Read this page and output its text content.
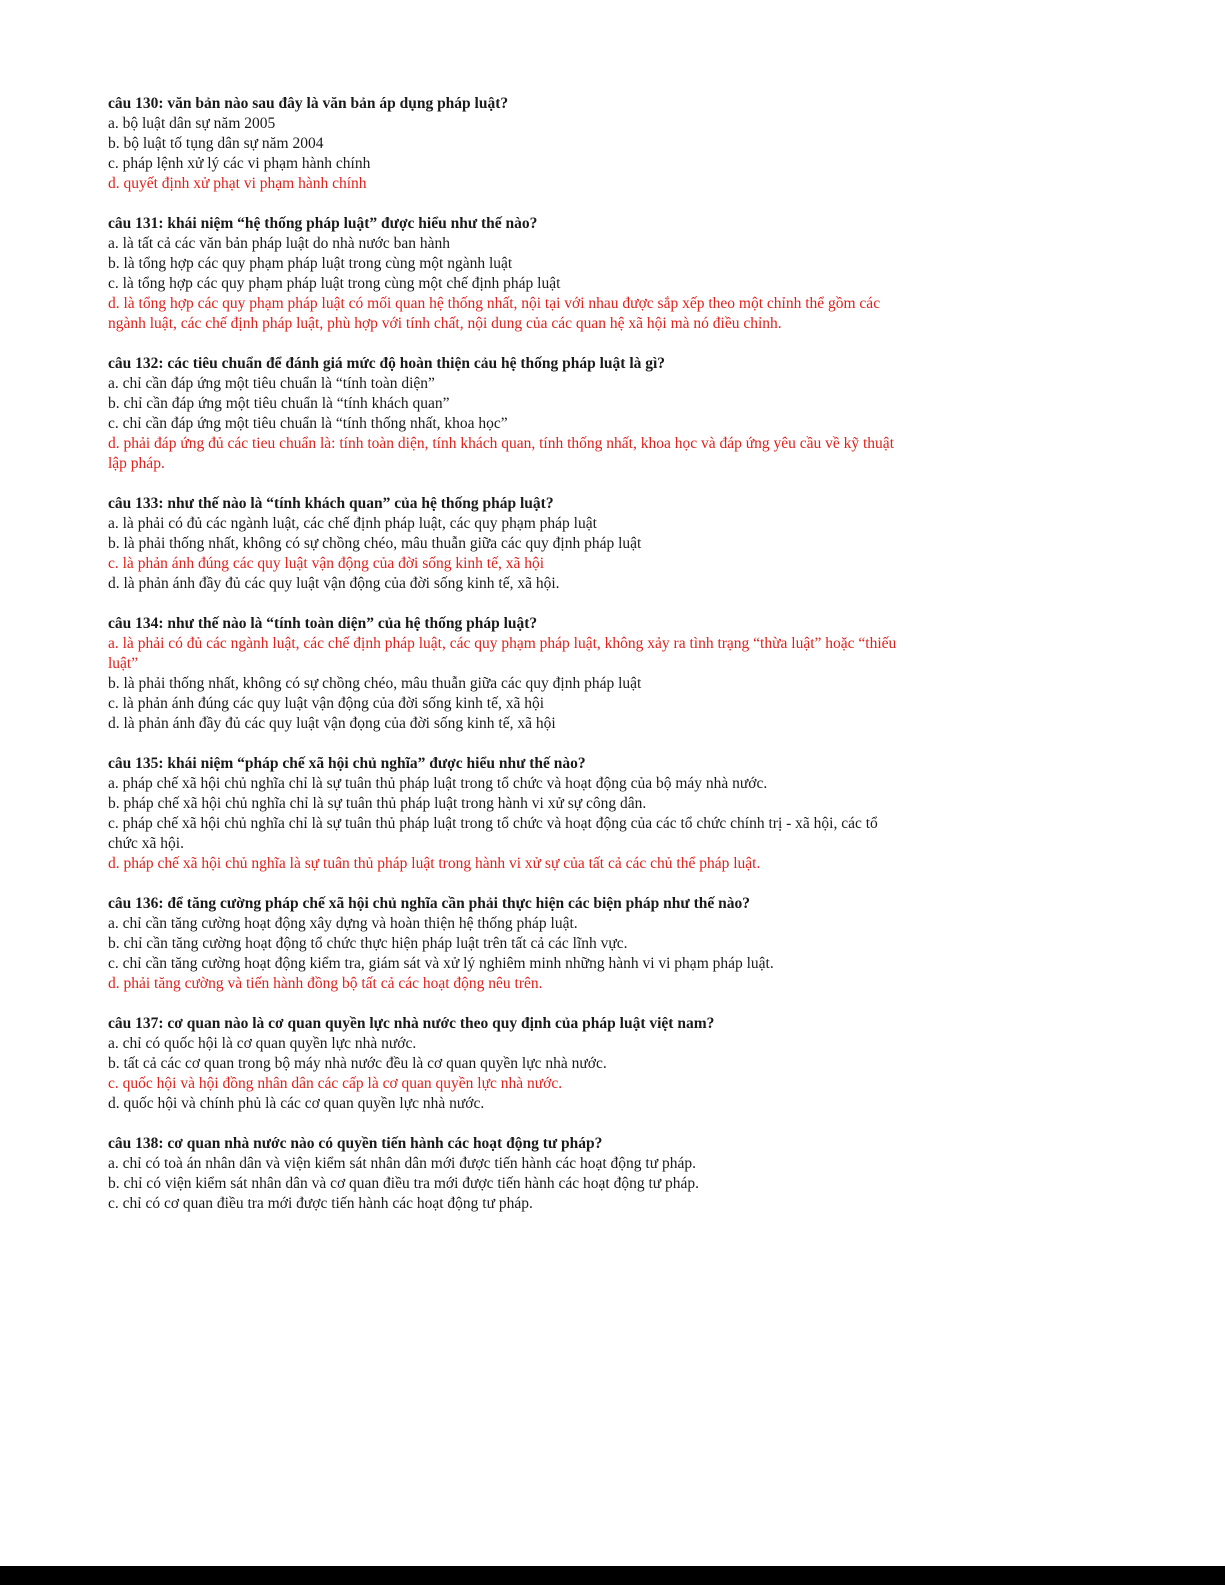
câu 130: văn bản nào sau đây là văn bản áp dụng pháp luật?
a. bộ luật dân sự năm 2005
b. bộ luật tố tụng dân sự năm 2004
c. pháp lệnh xử lý các vi phạm hành chính
d. quyết định xử phạt vi phạm hành chính
câu 131: khái niệm “hệ thống pháp luật” được hiểu như thế nào?
a. là tất cả các văn bản pháp luật do nhà nước ban hành
b. là tổng hợp các quy phạm pháp luật trong cùng một ngành luật
c. là tổng hợp các quy phạm pháp luật trong cùng một chế định pháp luật
d. là tổng hợp các quy phạm pháp luật có mối quan hệ thống nhất, nội tại với nhau được sắp xếp theo một chỉnh thể gồm các ngành luật, các chế định pháp luật, phù hợp với tính chất, nội dung của các quan hệ xã hội mà nó điều chỉnh.
câu 132: các tiêu chuẩn để đánh giá mức độ hoàn thiện cảu hệ thống pháp luật là gì?
a. chỉ cần đáp ứng một tiêu chuẩn là “tính toàn diện”
b. chỉ cần đáp ứng một tiêu chuẩn là “tính khách quan”
c. chỉ cần đáp ứng một tiêu chuẩn là “tính thống nhất, khoa học”
d. phải đáp ứng đủ các tieu chuẩn là: tính toàn diện, tính khách quan, tính thống nhất, khoa học và đáp ứng yêu cầu về kỹ thuật lập pháp.
câu 133: như thế nào là “tính khách quan” của hệ thống pháp luật?
a. là phải có đủ các ngành luật, các chế định pháp luật, các quy phạm pháp luật
b. là phải thống nhất, không có sự chồng chéo, mâu thuẫn giữa các quy định pháp luật
c. là phản ánh đúng các quy luật vận động của đời sống kinh tế, xã hội
d. là phản ánh đầy đủ các quy luật vận động của đời sống kinh tế, xã hội.
câu 134: như thế nào là “tính toàn diện” của hệ thống pháp luật?
a. là phải có đủ các ngành luật, các chế định pháp luật, các quy phạm pháp luật, không xảy ra tình trạng “thừa luật” hoặc “thiếu luật”
b. là phải thống nhất, không có sự chồng chéo, mâu thuẫn giữa các quy định pháp luật
c. là phản ánh đúng các quy luật vận động của đời sống kinh tế, xã hội
d. là phản ánh đầy đủ các quy luật vận đọng của đời sống kinh tế, xã hội
câu 135: khái niệm “pháp chế xã hội chủ nghĩa” được hiểu như thế nào?
a. pháp chế xã hội chủ nghĩa chỉ là sự tuân thủ pháp luật trong tổ chức và hoạt động của bộ máy nhà nước.
b. pháp chế xã hội chủ nghĩa chỉ là sự tuân thủ pháp luật trong hành vi xử sự công dân.
c. pháp chế xã hội chủ nghĩa chỉ là sự tuân thủ pháp luật trong tổ chức và hoạt động của các tổ chức chính trị - xã hội, các tổ chức xã hội.
d. pháp chế xã hội chủ nghĩa là sự tuân thủ pháp luật trong hành vi xử sự của tất cả các chủ thể pháp luật.
câu 136: để tăng cường pháp chế xã hội chủ nghĩa cần phải thực hiện các biện pháp như thế nào?
a. chỉ cần tăng cường hoạt động xây dựng và hoàn thiện hệ thống pháp luật.
b. chỉ cần tăng cường hoạt động tổ chức thực hiện pháp luật trên tất cả các lĩnh vực.
c. chỉ cần tăng cường hoạt động kiểm tra, giám sát và xử lý nghiêm minh những hành vi vi phạm pháp luật.
d. phải tăng cường và tiến hành đồng bộ tất cả các hoạt động nêu trên.
câu 137: cơ quan nào là cơ quan quyền lực nhà nước theo quy định của pháp luật việt nam?
a. chỉ có quốc hội là cơ quan quyền lực nhà nước.
b. tất cả các cơ quan trong bộ máy nhà nước đều là cơ quan quyền lực nhà nước.
c. quốc hội và hội đồng nhân dân các cấp là cơ quan quyền lực nhà nước.
d. quốc hội và chính phủ là các cơ quan quyền lực nhà nước.
câu 138: cơ quan nhà nước nào có quyền tiến hành các hoạt động tư pháp?
a. chỉ có toà án nhân dân và viện kiểm sát nhân dân mới được tiến hành các hoạt động tư pháp.
b. chỉ có viện kiểm sát nhân dân và cơ quan điều tra mới được tiến hành các hoạt động tư pháp.
c. chỉ có cơ quan điều tra mới được tiến hành các hoạt động tư pháp.
